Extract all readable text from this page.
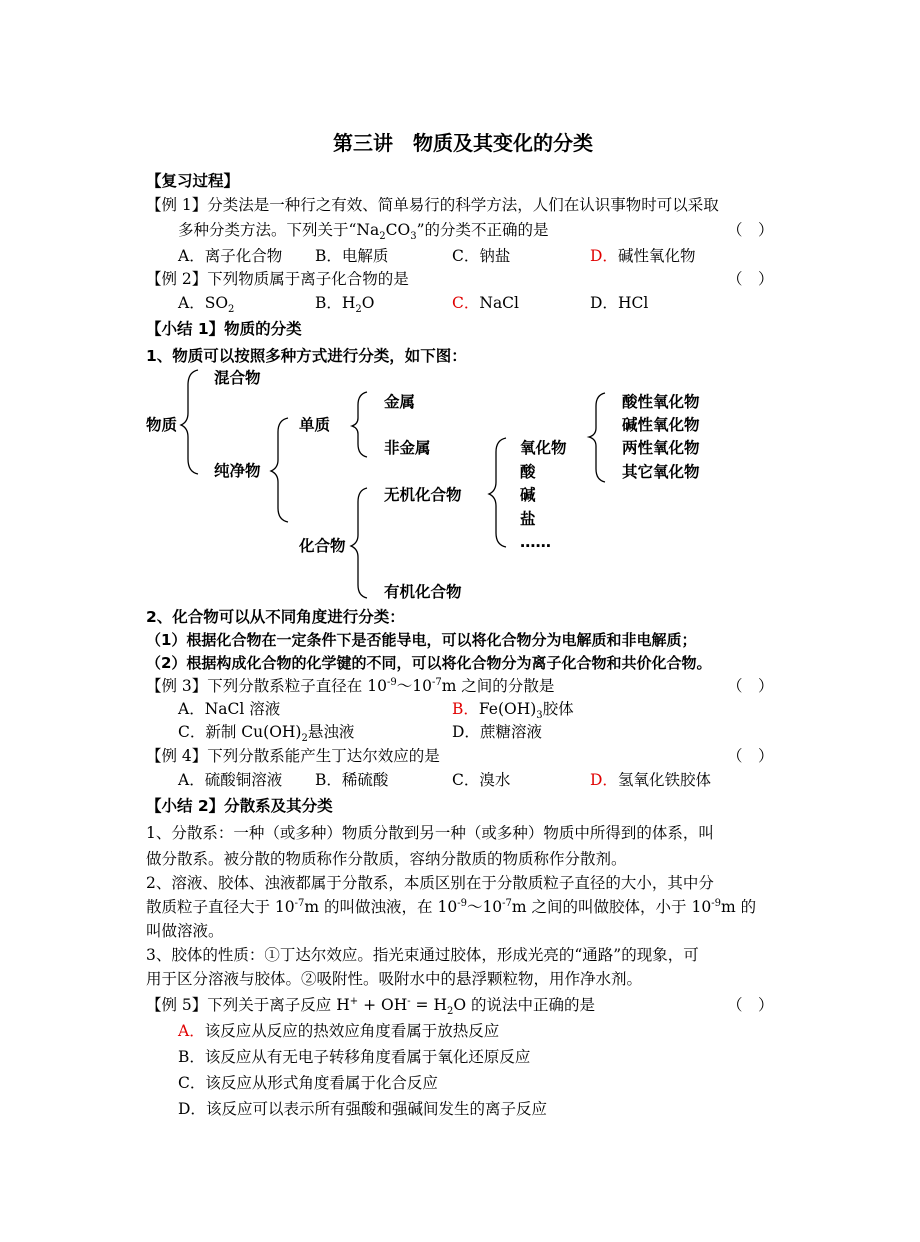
第三讲　物质及其变化的分类
【复习过程】
【例 1】分类法是一种行之有效、简单易行的科学方法，人们在认识事物时可以采取
多种分类方法。下列关于“$Na_2CO_3$”的分类不正确的是	（　）
A．离子化合物 B．电解质	C．钠盐	D．碱性氧化物
【例 2】下列物质属于离子化合物的是	（　）
A．$SO_2$	B．$H_2O$	C．NaCl	D．HCl
【小结 1】物质的分类
1、物质可以按照多种方式进行分类，如下图：
物质
混合物
纯净物
单质
金属
非金属
化合物
无机化合物
有机化合物
氧化物
酸
碱
盐
……
酸性氧化物
碱性氧化物
两性氧化物
其它氧化物
2、化合物可以从不同角度进行分类：
（1）根据化合物在一定条件下是否能导电，可以将化合物分为电解质和非电解质；
（2）根据构成化合物的化学键的不同，可以将化合物分为离子化合物和共价化合物。
【例 3】下列分散系粒子直径在 $10^{-9}\sim 10^{-7}m$ 之间的分散是	（　）
A．NaCl 溶液	B．$Fe(OH)_3$胶体
C．新制 $Cu(OH)_2$悬浊液	D．蔗糖溶液
【例 4】下列分散系能产生丁达尔效应的是	（　）
A．硫酸铜溶液 B．稀硫酸	C．溴水	D．氢氧化铁胶体
【小结 2】分散系及其分类
1、分散系：一种（或多种）物质分散到另一种（或多种）物质中所得到的体系，叫
做分散系。被分散的物质称作分散质，容纳分散质的物质称作分散剂。
2、溶液、胶体、浊液都属于分散系，本质区别在于分散质粒子直径的大小，其中分
散质粒子直径大于 $10^{-7}m$ 的叫做浊液，在 $10^{-9}\sim 10^{-7}m$ 之间的叫做胶体，小于 $10^{-9}m$ 的
叫做溶液。
3、胶体的性质：①丁达尔效应。指光束通过胶体，形成光亮的“通路”的现象，可
用于区分溶液与胶体。②吸附性。吸附水中的悬浮颗粒物，用作净水剂。
【例 5】下列关于离子反应 $H^+ + OH^- = H_2O$ 的说法中正确的是	（　）
A．该反应从反应的热效应角度看属于放热反应
B．该反应从有无电子转移角度看属于氧化还原反应
C．该反应从形式角度看属于化合反应
D．该反应可以表示所有强酸和强碱间发生的离子反应
